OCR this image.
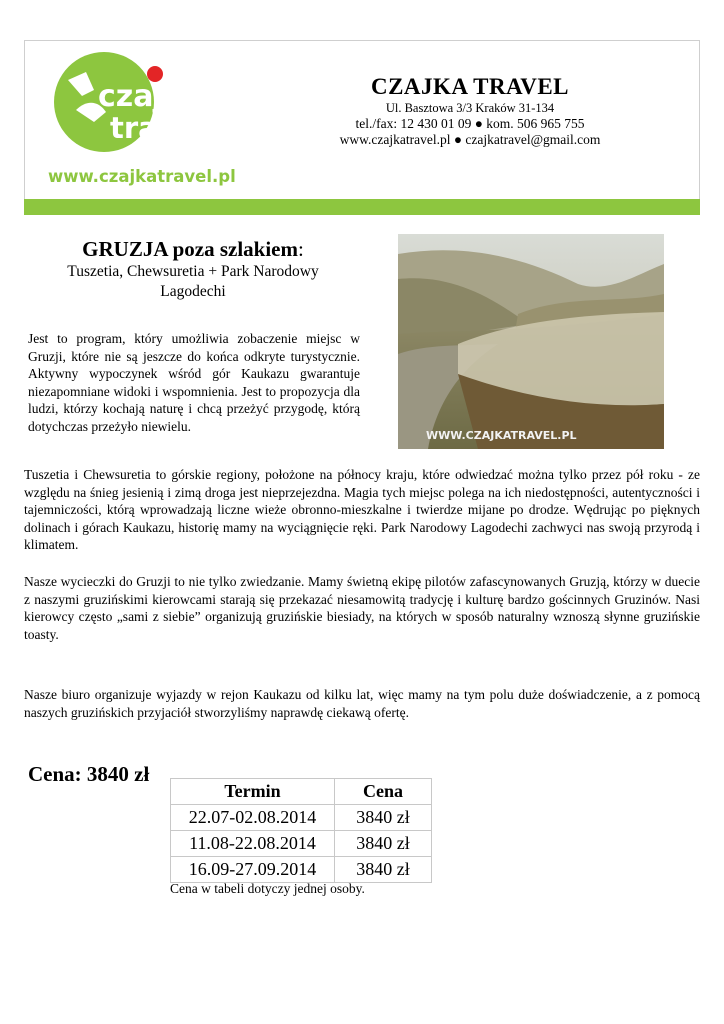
czajka
travel
www.czajkatravel.pl
CZAJKA TRAVEL
Ul. Basztowa 3/3 Kraków 31-134
tel./fax: 12 430 01 09 ● kom. 506 965 755
www.czajkatravel.pl ● czajkatravel@gmail.com
GRUZJA poza szlakiem:
Tuszetia, Chewsuretia + Park Narodowy
Lagodechi
Jest to program, który umożliwia zobaczenie miejsc w Gruzji, które nie są jeszcze do końca odkryte turystycznie. Aktywny wypoczynek wśród gór Kaukazu gwarantuje niezapomniane widoki i wspomnienia. Jest to propozycja dla ludzi, którzy kochają naturę i chcą przeżyć przygodę, którą dotychczas przeżyło niewielu.
WWW.CZAJKATRAVEL.PL
Tuszetia i Chewsuretia to górskie regiony, położone na północy kraju, które odwiedzać można tylko przez pół roku - ze względu na śnieg jesienią i zimą droga jest nieprzejezdna. Magia tych miejsc polega na ich niedostępności, autentyczności i tajemniczości, którą wprowadzają liczne wieże obronno-mieszkalne i twierdze mijane po drodze. Wędrując po pięknych dolinach i górach Kaukazu, historię mamy na wyciągnięcie ręki. Park Narodowy Lagodechi zachwyci nas swoją przyrodą i klimatem.
Nasze wycieczki do Gruzji to nie tylko zwiedzanie. Mamy świetną ekipę pilotów zafascynowanych Gruzją, którzy w duecie z naszymi gruzińskimi kierowcami starają się przekazać niesamowitą tradycję i kulturę bardzo gościnnych Gruzinów. Nasi kierowcy często „sami z siebie” organizują gruzińskie biesiady, na których w sposób naturalny wznoszą słynne gruzińskie toasty.
Nasze biuro organizuje wyjazdy w rejon Kaukazu od kilku lat, więc mamy na tym polu duże doświadczenie, a z pomocą naszych gruzińskich przyjaciół stworzyliśmy naprawdę ciekawą ofertę.
Cena: 3840 zł
Termin	Cena
22.07-02.08.2014	3840 zł
11.08-22.08.2014	3840 zł
16.09-27.09.2014	3840 zł
Cena w tabeli dotyczy jednej osoby.
